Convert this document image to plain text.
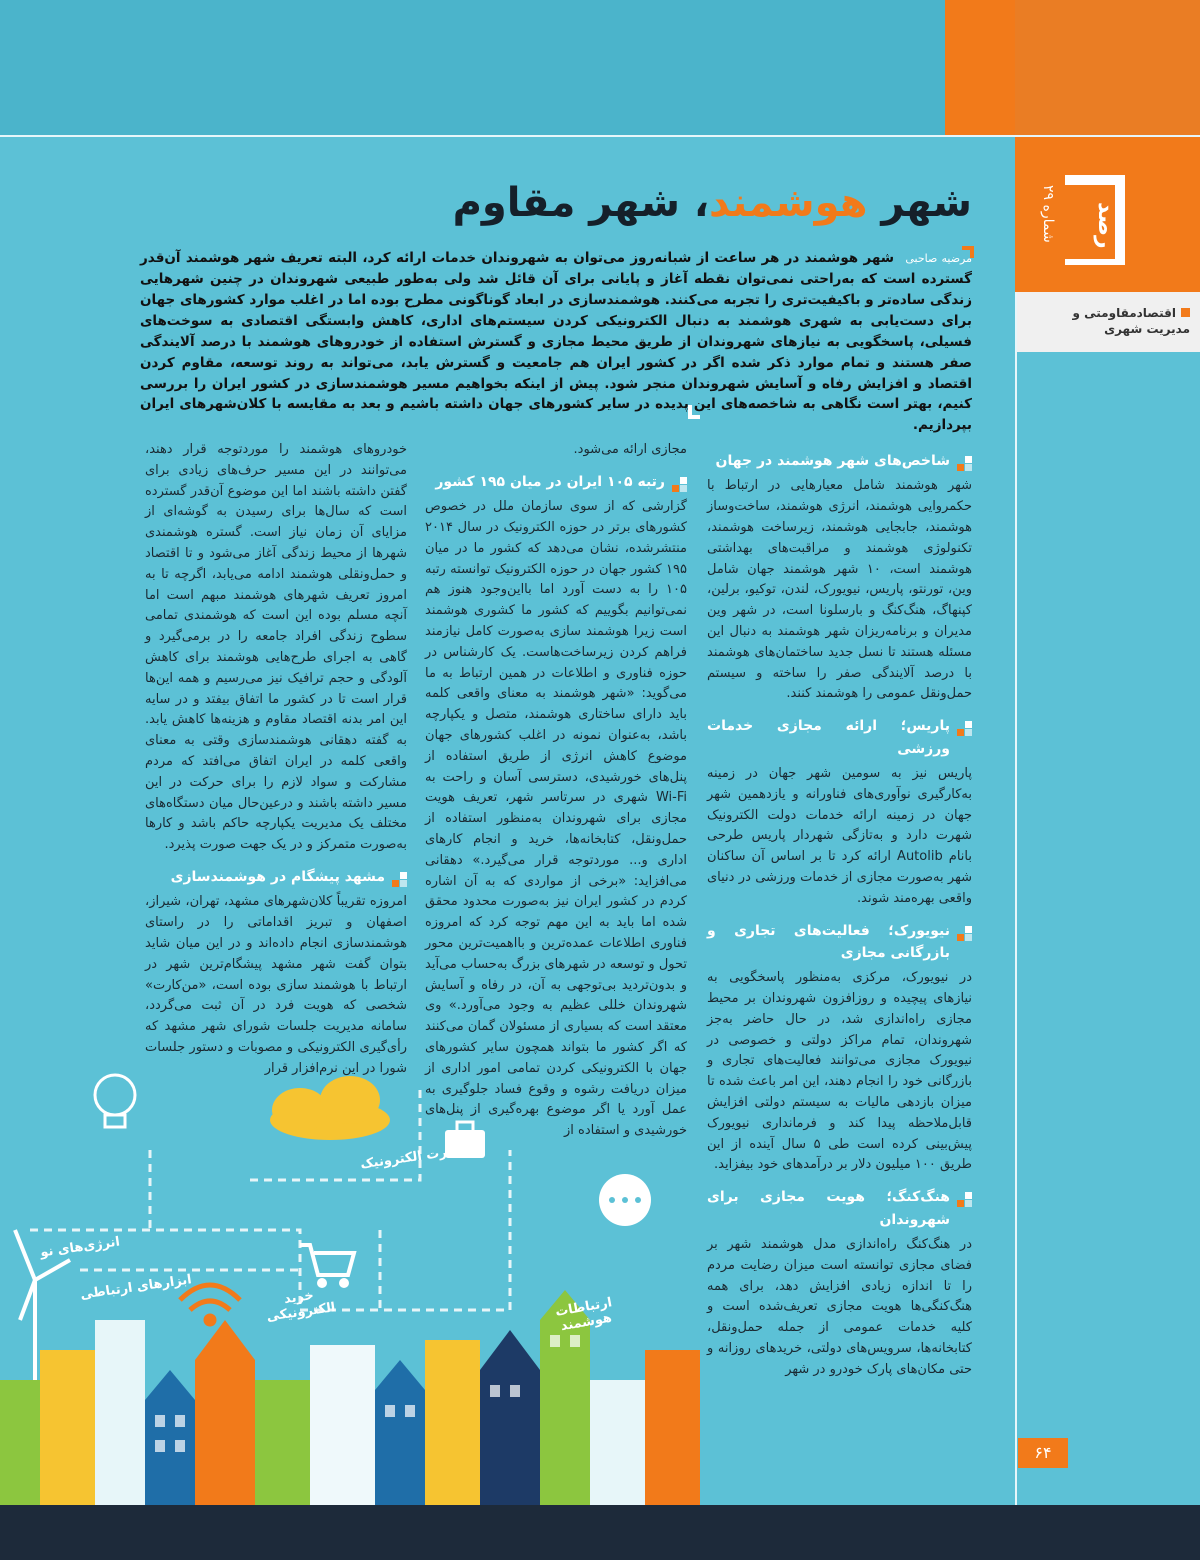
رصد
شماره ۲۹
اقتصادمقاومتی و مدیریت شهری
۶۴
شهر هوشمند، شهر مقاوم
مرضیه صاحبی شهر هوشمند در هر ساعت از شبانه‌روز می‌توان به شهروندان خدمات ارائه کرد، البته تعریف شهر هوشمند آن‌قدر گسترده است که به‌راحتی نمی‌توان نقطه آغاز و پایانی برای آن قائل شد ولی به‌طور طبیعی شهروندان در چنین شهرهایی زندگی ساده‌تر و باکیفیت‌تری را تجربه می‌کنند. هوشمندسازی در ابعاد گوناگونی مطرح بوده اما در اغلب موارد کشورهای جهان برای دست‌یابی به شهری هوشمند به دنبال الکترونیکی کردن سیستم‌های اداری، کاهش وابستگی اقتصادی به سوخت‌های فسیلی، پاسخگویی به نیازهای شهروندان از طریق محیط مجازی و گسترش استفاده از خودروهای هوشمند با درصد آلایندگی صفر هستند و تمام موارد ذکر شده اگر در کشور ایران هم جامعیت و گسترش یابد، می‌تواند به روند توسعه، مقاوم کردن اقتصاد و افزایش رفاه و آسایش شهروندان منجر شود. پیش از اینکه بخواهیم مسیر هوشمندسازی در کشور ایران را بررسی کنیم، بهتر است نگاهی به شاخصه‌های این پدیده در سایر کشورهای جهان داشته باشیم و بعد به مقایسه با کلان‌شهرهای ایران بپردازیم.
شاخص‌های شهر هوشمند در جهان

شهر هوشمند شامل معیارهایی در ارتباط با حکمروایی هوشمند، انرژی هوشمند، ساخت‌وساز هوشمند، جابجایی هوشمند، زیرساخت هوشمند، تکنولوژی هوشمند و مراقبت‌های بهداشتی هوشمند است، ۱۰ شهر هوشمند جهان شامل وین، تورنتو، پاریس، نیویورک، لندن، توکیو، برلین، کپنهاگ، هنگ‌کنگ و بارسلونا است، در شهر وین مدیران و برنامه‌ریزان شهر هوشمند به دنبال این مسئله هستند تا نسل جدید ساختمان‌های هوشمند با درصد آلایندگی صفر را ساخته و سیستم حمل‌ونقل عمومی را هوشمند کنند.

پاریس؛ ارائه مجازی خدمات ورزشی

پاریس نیز به سومین شهر جهان در زمینه به‌کارگیری نوآوری‌های فناورانه و یازدهمین شهر جهان در زمینه ارائه خدمات دولت الکترونیک شهرت دارد و به‌تازگی شهردار پاریس طرحی بانام Autolib ارائه کرد تا بر اساس آن ساکنان شهر به‌صورت مجازی از خدمات ورزشی در دنیای واقعی بهره‌مند شوند.

نیویورک؛ فعالیت‌های تجاری و بازرگانی مجازی

در نیویورک، مرکزی به‌منظور پاسخگویی به نیازهای پیچیده و روزافزون شهروندان بر محیط مجازی راه‌اندازی شد، در حال حاضر به‌جز شهروندان، تمام مراکز دولتی و خصوصی در نیویورک مجازی می‌توانند فعالیت‌های تجاری و بازرگانی خود را انجام دهند، این امر باعث شده تا میزان بازدهی مالیات به سیستم دولتی افزایش قابل‌ملاحظه پیدا کند و فرمانداری نیویورک پیش‌بینی کرده است طی ۵ سال آینده از این طریق ۱۰۰ میلیون دلار بر درآمدهای خود بیفزاید.

هنگ‌کنگ؛ هویت مجازی برای شهروندان

در هنگ‌کنگ راه‌اندازی مدل هوشمند شهر بر فضای مجازی توانسته است میزان رضایت مردم را تا اندازه زیادی افزایش دهد، برای همه هنگ‌کنگی‌ها هویت مجازی تعریف‌شده است و کلیه خدمات عمومی از جمله حمل‌ونقل، کتابخانه‌ها، سرویس‌های دولتی، خریدهای روزانه و حتی مکان‌های پارک خودرو در شهر

مجازی ارائه می‌شود.

رتبه ۱۰۵ ایران در میان ۱۹۵ کشور

گزارشی که از سوی سازمان ملل در خصوص کشورهای برتر در حوزه الکترونیک در سال ۲۰۱۴ منتشرشده، نشان می‌دهد که کشور ما در میان ۱۹۵ کشور جهان در حوزه الکترونیک توانسته رتبه ۱۰۵ را به دست آورد اما بااین‌وجود هنوز هم نمی‌توانیم بگوییم که کشور ما کشوری هوشمند است زیرا هوشمند سازی به‌صورت کامل نیازمند فراهم کردن زیرساخت‌هاست. یک کارشناس در حوزه فناوری و اطلاعات در همین ارتباط به ما می‌گوید: «شهر هوشمند به معنای واقعی کلمه باید دارای ساختاری هوشمند، متصل و یکپارچه باشد، به‌عنوان نمونه در اغلب کشورهای جهان موضوع کاهش انرژی از طریق استفاده از پنل‌های خورشیدی، دسترسی آسان و راحت به Wi-Fi شهری در سرتاسر شهر، تعریف هویت مجازی برای شهروندان به‌منظور استفاده از حمل‌ونقل، کتابخانه‌ها، خرید و انجام کارهای اداری و... موردتوجه قرار می‌گیرد.» دهقانی می‌افزاید: «برخی از مواردی که به آن اشاره کردم در کشور ایران نیز به‌صورت محدود محقق شده اما باید به این مهم توجه کرد که امروزه فناوری اطلاعات عمده‌ترین و بااهمیت‌ترین محور تحول و توسعه در شهرهای بزرگ به‌حساب می‌آید و بدون‌تردید بی‌توجهی به آن، در رفاه و آسایش شهروندان خللی عظیم به وجود می‌آورد.» وی معتقد است که بسیاری از مسئولان گمان می‌کنند که اگر کشور ما بتواند همچون سایر کشورهای جهان با الکترونیکی کردن تمامی امور اداری از میزان دریافت رشوه و وقوع فساد جلوگیری به عمل آورد یا اگر موضوع بهره‌گیری از پنل‌های خورشیدی و استفاده از

خودروهای هوشمند را موردتوجه قرار دهند، می‌توانند در این مسیر حرف‌های زیادی برای گفتن داشته باشند اما این موضوع آن‌قدر گسترده است که سال‌ها برای رسیدن به گوشه‌ای از مزایای آن زمان نیاز است. گستره هوشمندی شهرها از محیط زندگی آغاز می‌شود و تا اقتصاد و حمل‌ونقلی هوشمند ادامه می‌یابد، اگرچه تا به امروز تعریف شهرهای هوشمند مبهم است اما آنچه مسلم بوده این است که هوشمندی تمامی سطوح زندگی افراد جامعه را در برمی‌گیرد و گاهی به اجرای طرح‌هایی هوشمند برای کاهش آلودگی و حجم ترافیک نیز می‌رسیم و همه این‌ها قرار است تا در کشور ما اتفاق بیفتد و در سایه این امر بدنه اقتصاد مقاوم و هزینه‌ها کاهش یابد. به گفته دهقانی هوشمندسازی وقتی به معنای واقعی کلمه در ایران اتفاق می‌افتد که مردم مشارکت و سواد لازم را برای حرکت در این مسیر داشته باشند و درعین‌حال میان دستگاه‌های مختلف یک مدیریت یکپارچه حاکم باشد و کارها به‌صورت متمرکز و در یک جهت صورت پذیرد.

مشهد پیشگام در هوشمندسازی

امروزه تقریباً کلان‌شهرهای مشهد، تهران، شیراز، اصفهان و تبریز اقداماتی را در راستای هوشمندسازی انجام داده‌اند و در این میان شاید بتوان گفت شهر مشهد پیشگام‌ترین شهر در ارتباط با هوشمند سازی بوده است، «من‌کارت» شخصی که هویت فرد در آن ثبت می‌گردد، سامانه مدیریت جلسات شورای شهر مشهد که رأی‌گیری الکترونیکی و مصوبات و دستور جلسات شورا در این نرم‌افزار قرار

تجارت الکترونیک
انرژی‌های نو
ابزارهای ارتباطی	خرید الکترونیکی	ارتباطات هوشمند
